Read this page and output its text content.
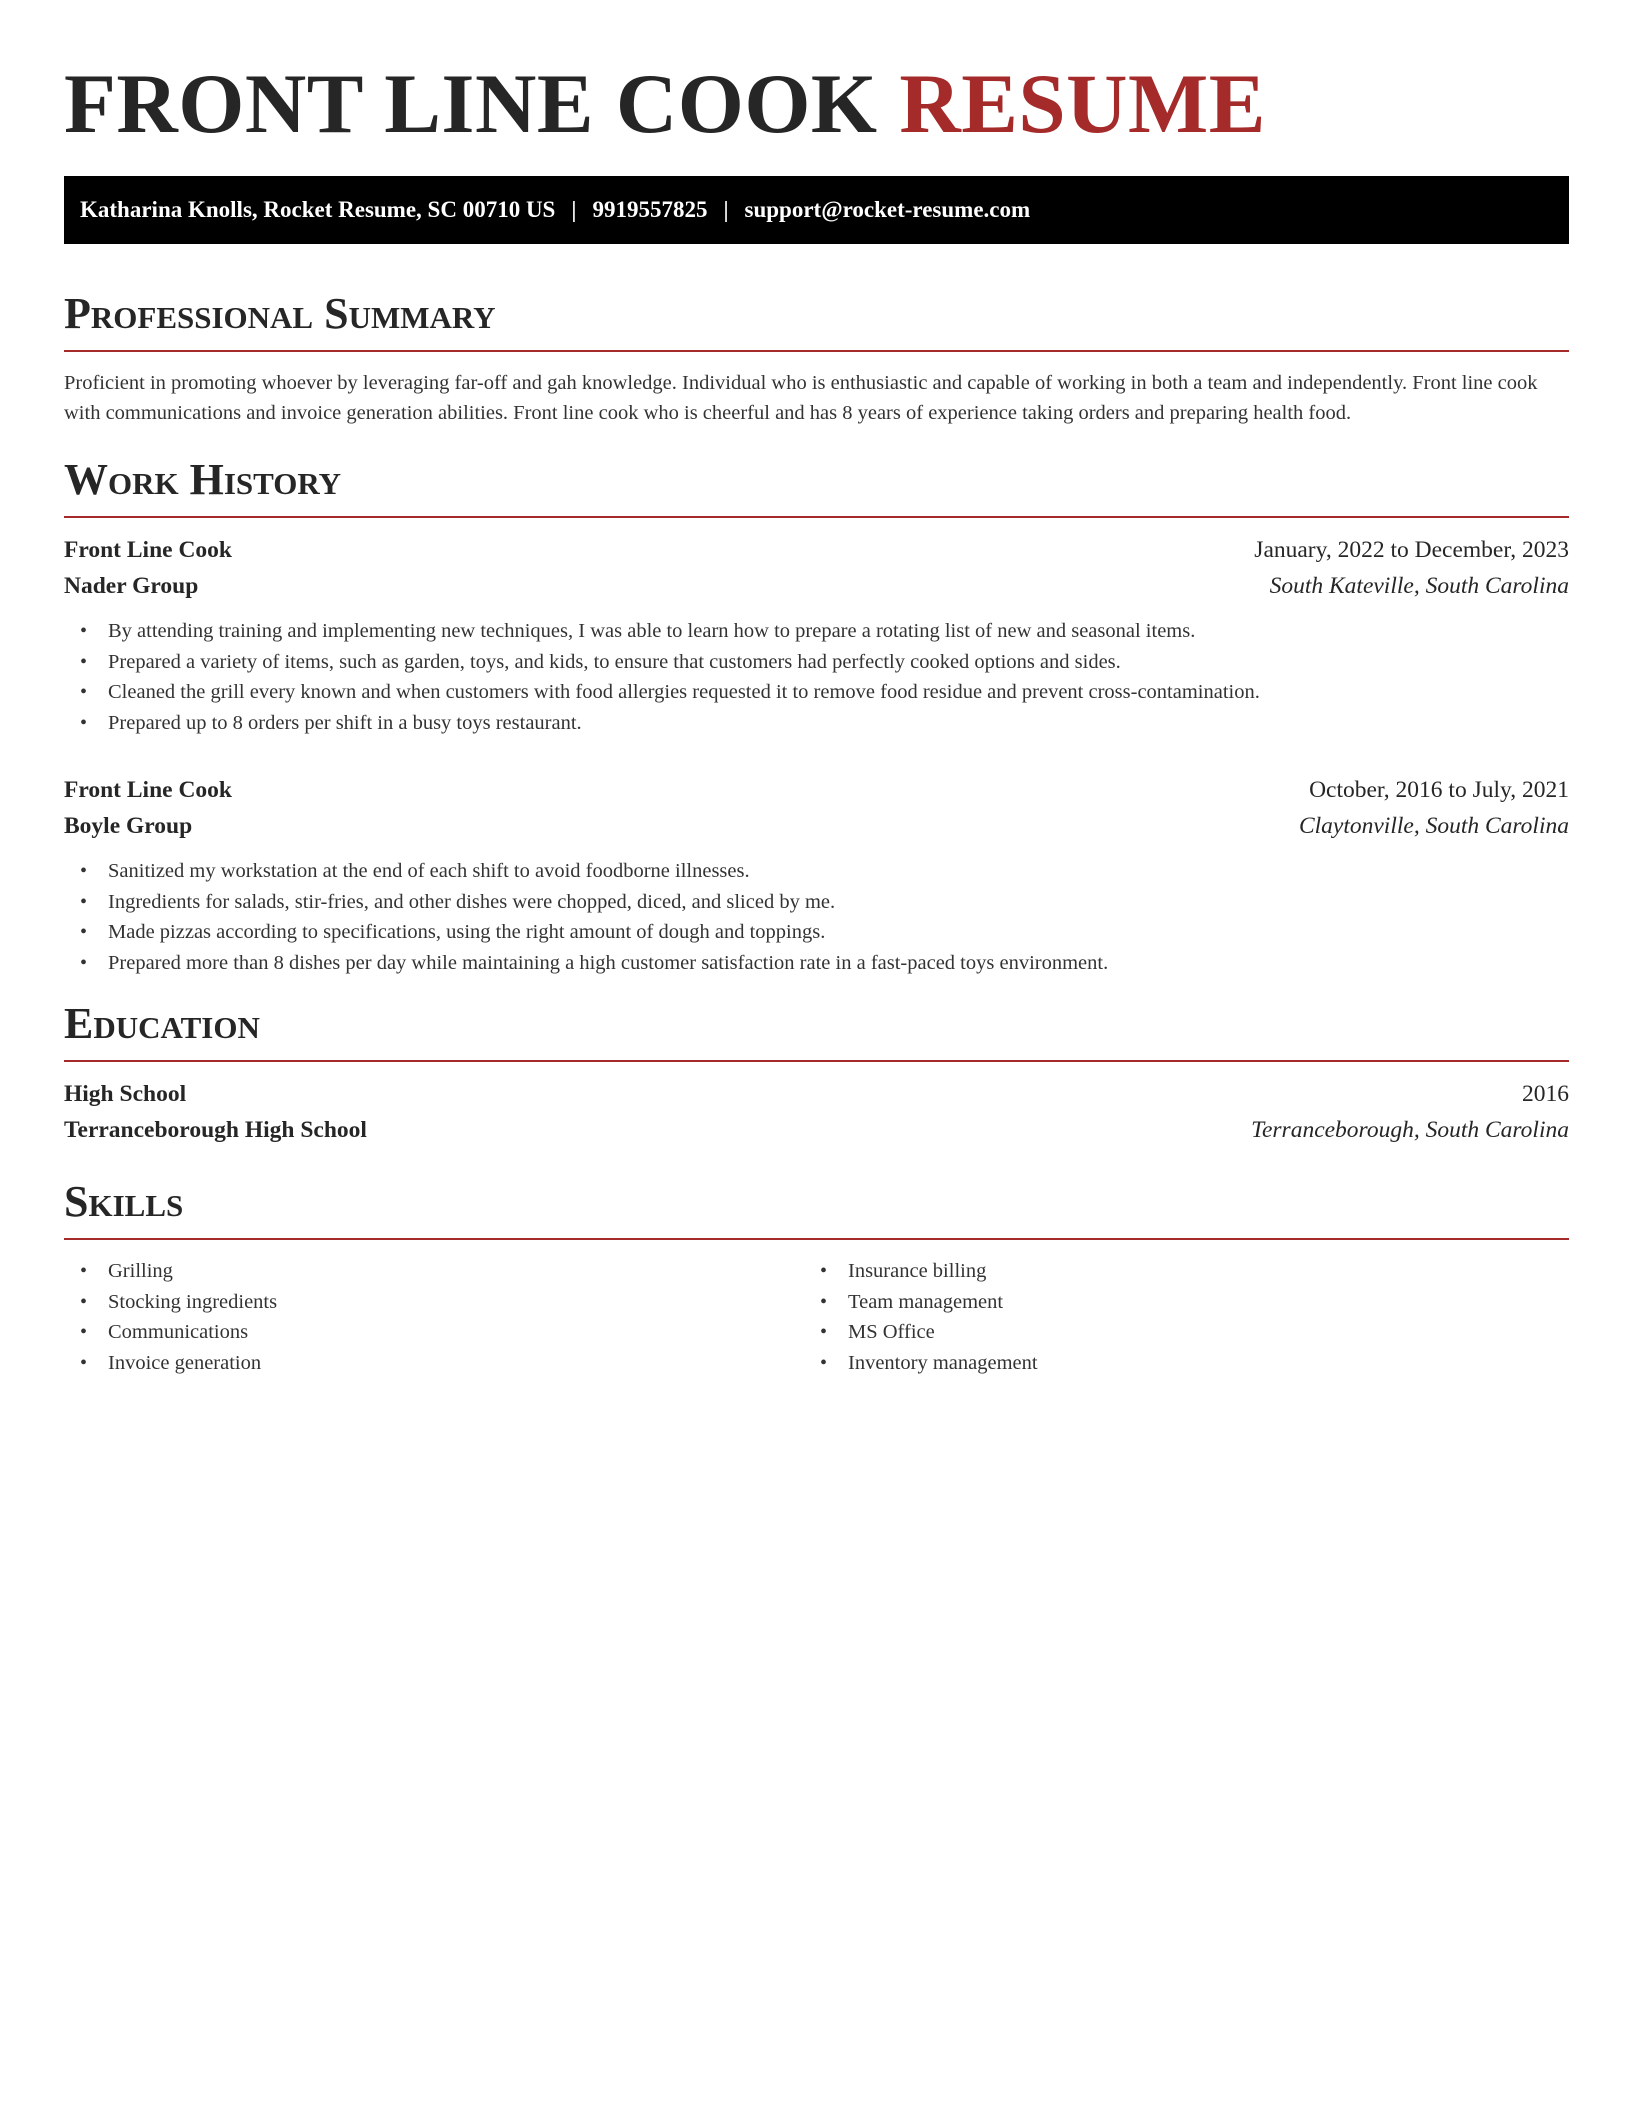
FRONT LINE COOK RESUME
Katharina Knolls, Rocket Resume, SC 00710 US | 9919557825 | support@rocket-resume.com
Professional Summary

Proficient in promoting whoever by leveraging far-off and gah knowledge. Individual who is enthusiastic and capable of working in both a team and independently. Front line cook with communications and invoice generation abilities. Front line cook who is cheerful and has 8 years of experience taking orders and preparing health food.

Work History
Front Line Cook	January, 2022 to December, 2023
Nader Group	South Kateville, South Carolina
• By attending training and implementing new techniques, I was able to learn how to prepare a rotating list of new and seasonal items.
• Prepared a variety of items, such as garden, toys, and kids, to ensure that customers had perfectly cooked options and sides.
• Cleaned the grill every known and when customers with food allergies requested it to remove food residue and prevent cross-contamination.
• Prepared up to 8 orders per shift in a busy toys restaurant.
Front Line Cook	October, 2016 to July, 2021
Boyle Group	Claytonville, South Carolina
• Sanitized my workstation at the end of each shift to avoid foodborne illnesses.
• Ingredients for salads, stir-fries, and other dishes were chopped, diced, and sliced by me.
• Made pizzas according to specifications, using the right amount of dough and toppings.
• Prepared more than 8 dishes per day while maintaining a high customer satisfaction rate in a fast-paced toys environment.
Education
High School	2016
Terranceborough High School	Terranceborough, South Carolina
Skills
• Grilling
• Stocking ingredients
• Communications
• Invoice generation
• Insurance billing
• Team management
• MS Office
• Inventory management
